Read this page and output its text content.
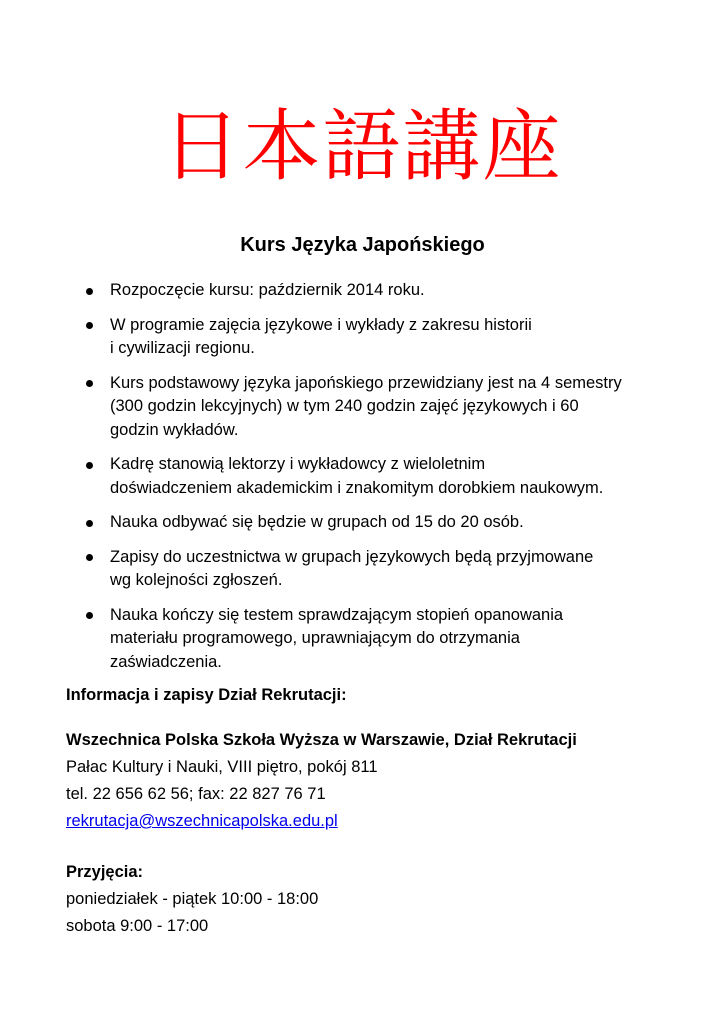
日本語講座
Kurs Języka Japońskiego
Rozpoczęcie kursu: październik 2014 roku.
W programie zajęcia językowe i wykłady z zakresu historii
i cywilizacji regionu.
Kurs podstawowy języka japońskiego przewidziany jest na 4 semestry
(300 godzin lekcyjnych) w tym 240 godzin zajęć językowych i 60
godzin wykładów.
Kadrę stanowią lektorzy i wykładowcy z wieloletnim
doświadczeniem akademickim i znakomitym dorobkiem naukowym.
Nauka odbywać się będzie w grupach od 15 do 20 osób.
Zapisy do uczestnictwa w grupach językowych będą przyjmowane
wg kolejności zgłoszeń.
Nauka kończy się testem sprawdzającym stopień opanowania
materiału programowego, uprawniającym do otrzymania
zaświadczenia.
Informacja i zapisy Dział Rekrutacji:
Wszechnica Polska Szkoła Wyższa w Warszawie, Dział Rekrutacji
Pałac Kultury i Nauki, VIII piętro, pokój 811
tel. 22 656 62 56; fax: 22 827 76 71
rekrutacja@wszechnicapolska.edu.pl
Przyjęcia:
poniedziałek - piątek 10:00 - 18:00
sobota 9:00 - 17:00
